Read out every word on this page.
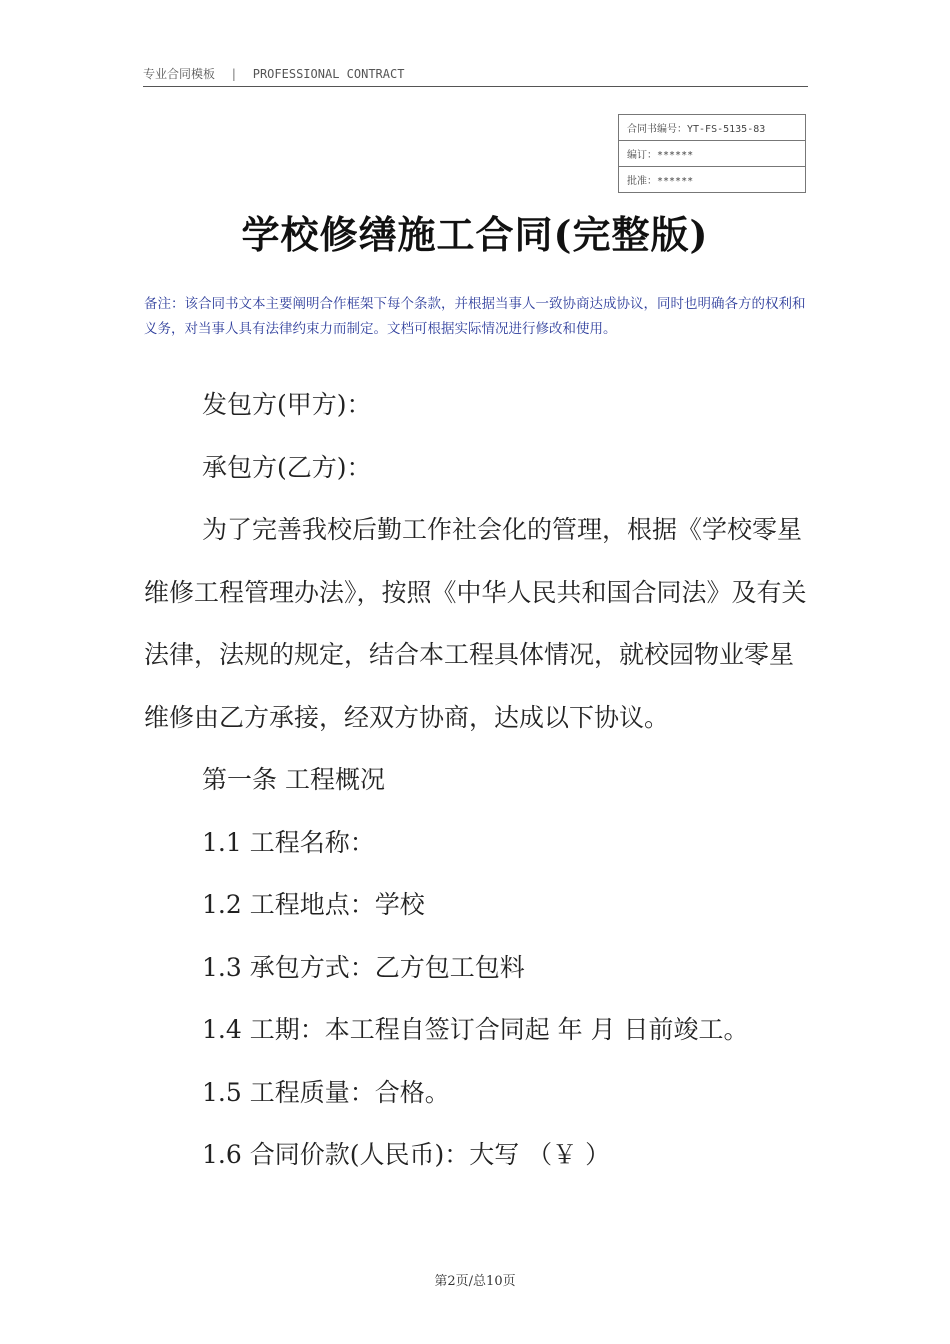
专业合同模板 | PROFESSIONAL CONTRACT
合同书编号：YT-FS-5135-83
编订：******
批准：******
学校修缮施工合同(完整版)
备注：该合同书文本主要阐明合作框架下每个条款，并根据当事人一致协商达成协议，同时也明确各方的权利和义务，对当事人具有法律约束力而制定。文档可根据实际情况进行修改和使用。

发包方(甲方)：

承包方(乙方)：

为了完善我校后勤工作社会化的管理，根据《学校零星维修工程管理办法》，按照《中华人民共和国合同法》及有关法律，法规的规定，结合本工程具体情况，就校园物业零星维修由乙方承接，经双方协商，达成以下协议。

第一条 工程概况

1.1 工程名称：

1.2 工程地点：学校

1.3 承包方式：乙方包工包料

1.4 工期：本工程自签订合同起 年 月 日前竣工。

1.5 工程质量：合格。

1.6 合同价款(人民币)：大写 （￥ ）

第2页/总10页
